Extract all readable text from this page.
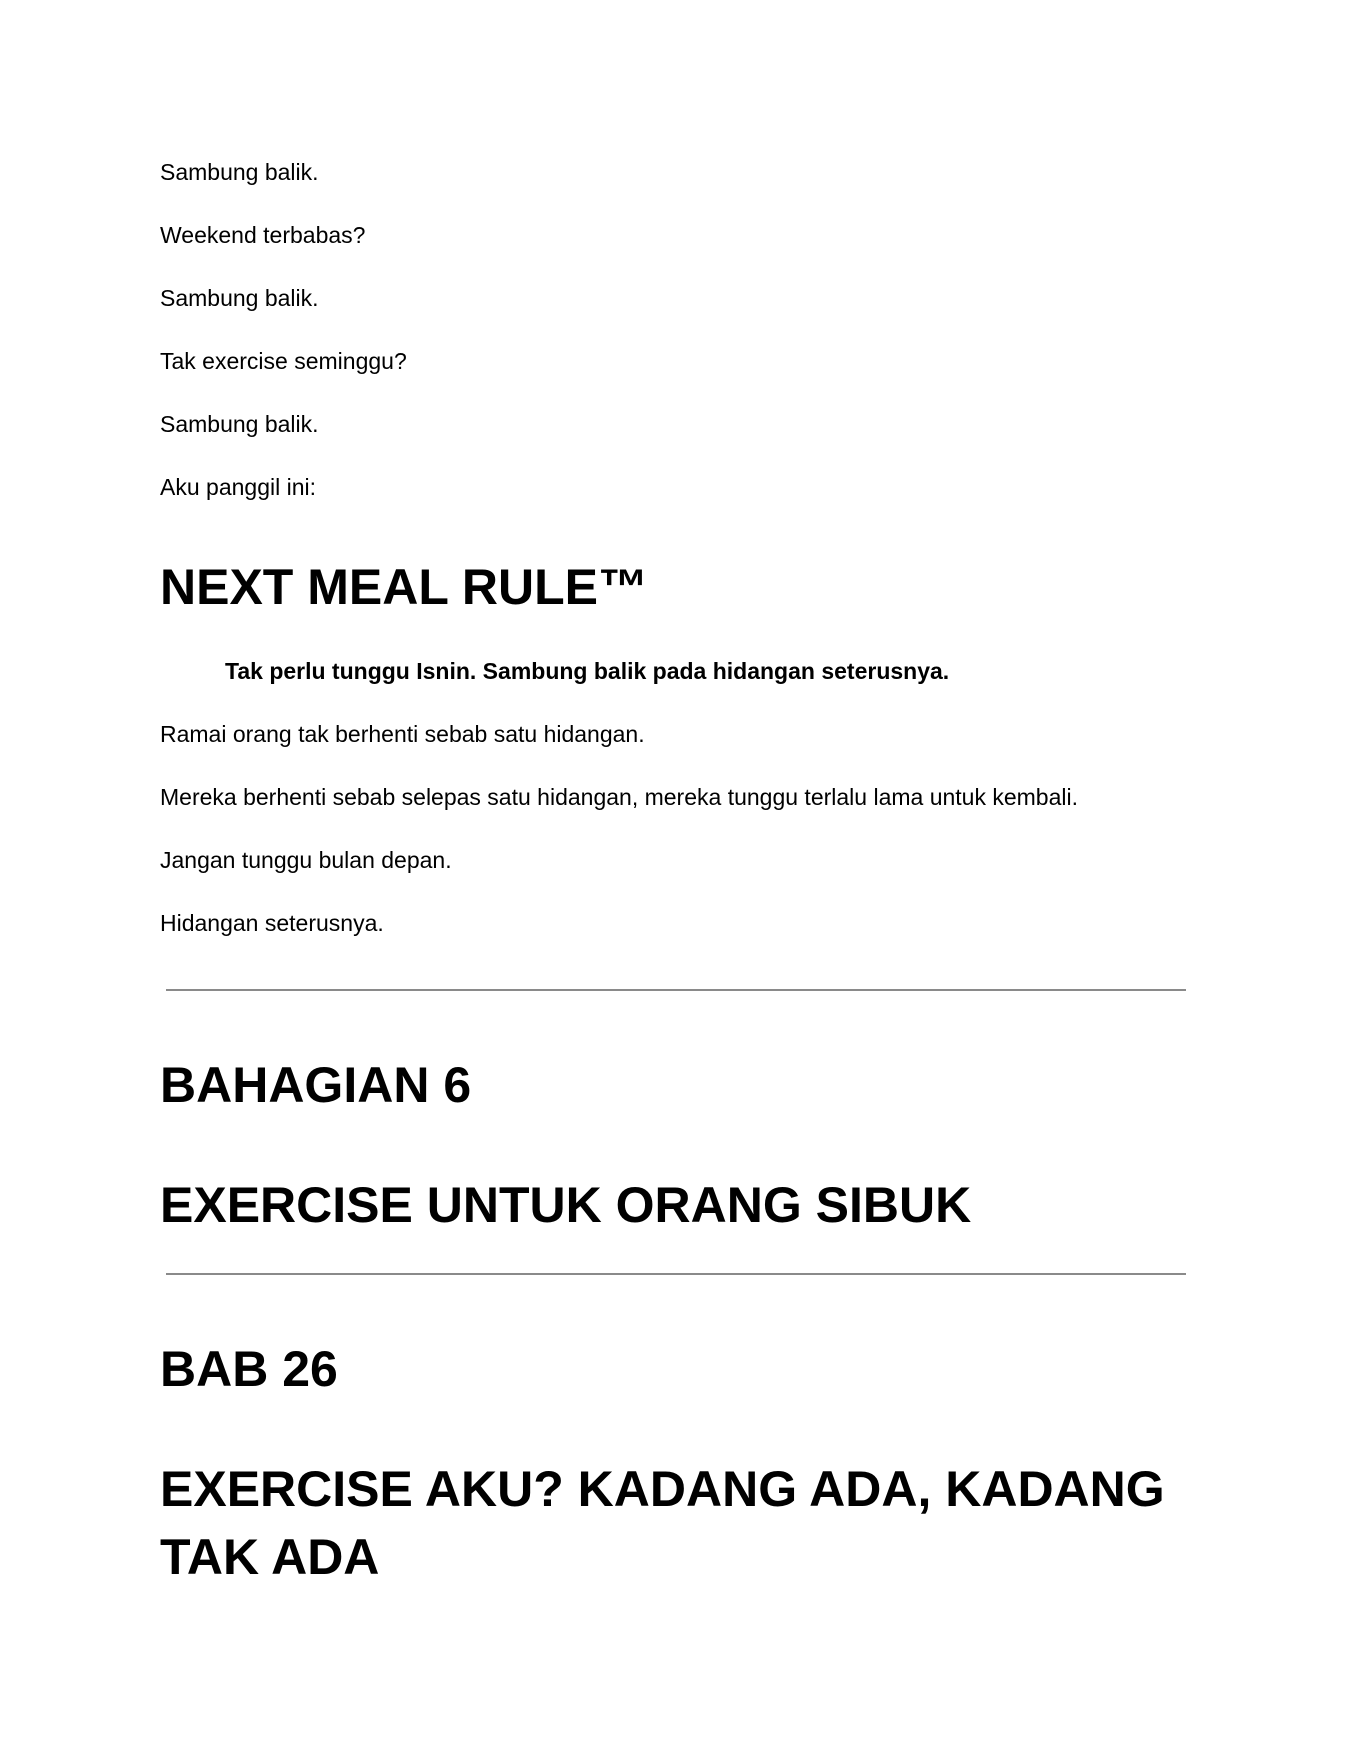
Sambung balik.

Weekend terbabas?

Sambung balik.

Tak exercise seminggu?

Sambung balik.

Aku panggil ini:

NEXT MEAL RULE™

Tak perlu tunggu Isnin. Sambung balik pada hidangan seterusnya.

Ramai orang tak berhenti sebab satu hidangan.

Mereka berhenti sebab selepas satu hidangan, mereka tunggu terlalu lama untuk kembali.

Jangan tunggu bulan depan.

Hidangan seterusnya.

BAHAGIAN 6
EXERCISE UNTUK ORANG SIBUK
BAB 26
EXERCISE AKU? KADANG ADA, KADANG TAK ADA
